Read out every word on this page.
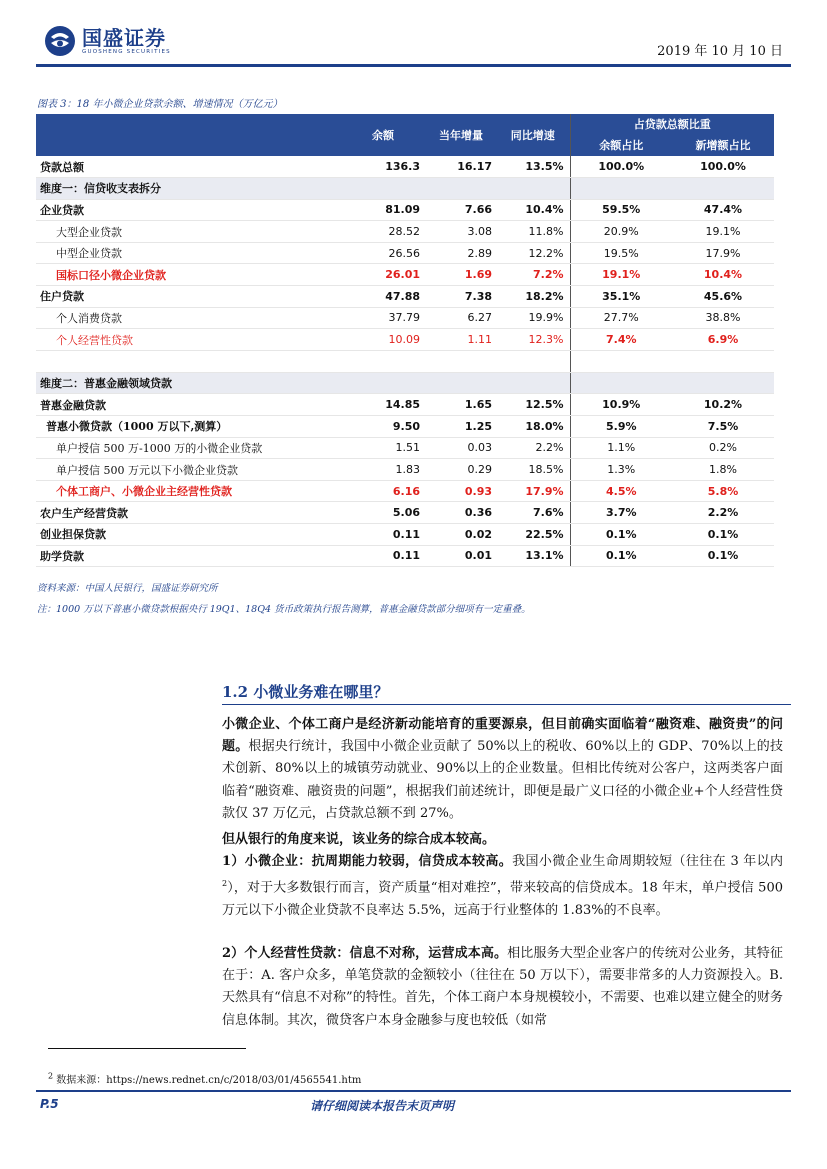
国盛证券
GUOSHENG SECURITIES	2019 年 10 月 10 日
图表 3：18 年小微企业贷款余额、增速情况（万亿元）
	余额	当年增量	同比增速	占贷款总额比重	
				余额占比	新增额占比
贷款总额	136.3	16.17	13.5%	100.0%	100.0%
维度一：信贷收支表拆分					
企业贷款	81.09	7.66	10.4%	59.5%	47.4%
大型企业贷款	28.52	3.08	11.8%	20.9%	19.1%
中型企业贷款	26.56	2.89	12.2%	19.5%	17.9%
国标口径小微企业贷款	26.01	1.69	7.2%	19.1%	10.4%
住户贷款	47.88	7.38	18.2%	35.1%	45.6%
个人消费贷款	37.79	6.27	19.9%	27.7%	38.8%
个人经营性贷款	10.09	1.11	12.3%	7.4%	6.9%

维度二：普惠金融领域贷款					
普惠金融贷款	14.85	1.65	12.5%	10.9%	10.2%
普惠小微贷款（1000 万以下,测算）	9.50	1.25	18.0%	5.9%	7.5%
单户授信 500 万-1000 万的小微企业贷款	1.51	0.03	2.2%	1.1%	0.2%
单户授信 500 万元以下小微企业贷款	1.83	0.29	18.5%	1.3%	1.8%
个体工商户、小微企业主经营性贷款	6.16	0.93	17.9%	4.5%	5.8%
农户生产经营贷款	5.06	0.36	7.6%	3.7%	2.2%
创业担保贷款	0.11	0.02	22.5%	0.1%	0.1%
助学贷款	0.11	0.01	13.1%	0.1%	0.1%
资料来源：中国人民银行，国盛证券研究所
注：1000 万以下普惠小微贷款根据央行 19Q1、18Q4 货币政策执行报告测算，普惠金融贷款部分细项有一定重叠。
1.2 小微业务难在哪里？
小微企业、个体工商户是经济新动能培育的重要源泉，但目前确实面临着“融资难、融资贵”的问题。根据央行统计，我国中小微企业贡献了 50%以上的税收、60%以上的 GDP、70%以上的技术创新、80%以上的城镇劳动就业、90%以上的企业数量。但相比传统对公客户，这两类客户面临着“融资难、融资贵的问题”，根据我们前述统计，即便是最广义口径的小微企业+个人经营性贷款仅 37 万亿元，占贷款总额不到 27%。
但从银行的角度来说，该业务的综合成本较高。
1）小微企业：抗周期能力较弱，信贷成本较高。我国小微企业生命周期较短（往往在 3 年以内$^2$），对于大多数银行而言，资产质量“相对难控”，带来较高的信贷成本。18 年末，单户授信 500 万元以下小微企业贷款不良率达 5.5%，远高于行业整体的 1.83%的不良率。
2）个人经营性贷款：信息不对称，运营成本高。相比服务大型企业客户的传统对公业务，其特征在于：A. 客户众多，单笔贷款的金额较小（往往在 50 万以下），需要非常多的人力资源投入。B. 天然具有“信息不对称”的特性。首先，个体工商户本身规模较小，不需要、也难以建立健全的财务信息体制。其次，微贷客户本身金融参与度也较低（如常
$^2$ 数据来源：https://news.rednet.cn/c/2018/03/01/4565541.htm
P.5	请仔细阅读本报告末页声明
